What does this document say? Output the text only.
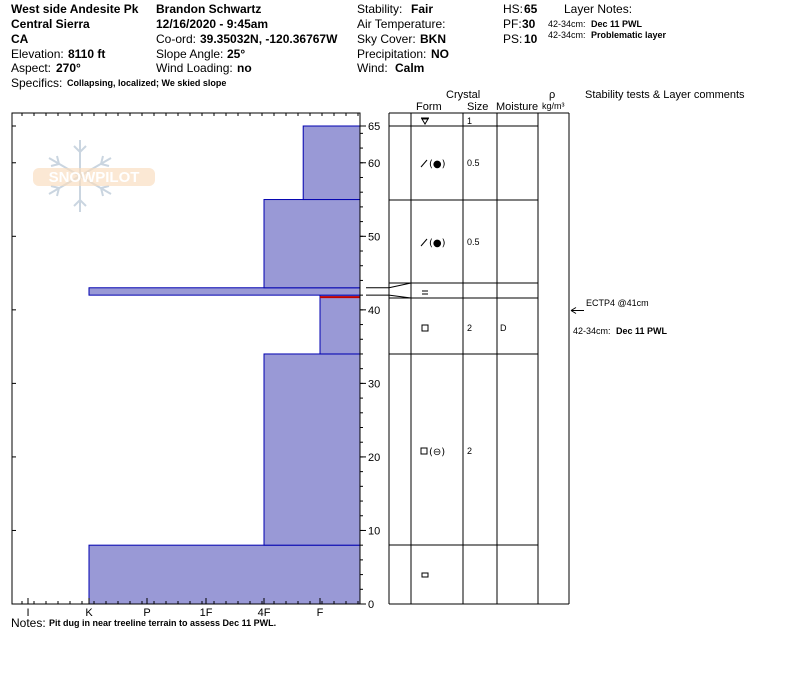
West side Andesite Pk
Central Sierra
CA
Elevation: 8110 ft
Aspect: 270°
Brandon Schwartz
12/16/2020 - 9:45am
Co-ord: 39.35032N, -120.36767W
Slope Angle: 25°
Wind Loading: no
Stability: Fair
Air Temperature:
Sky Cover: BKN
Precipitation: NO
Wind: Calm
HS: 65
PF: 30
PS: 10
Layer Notes:
42-34cm: Dec 11 PWL
42-34cm: Problematic layer
Specifics: Collapsing, localized; We skied slope
Crystal
Form Size Moisture
ρ
kg/m³
Stability tests & Layer comments
SNOWPILOT
0
10
20
30
40
50
60
65
I	K	P	1F	4F	F
1
(●) 0.5
(●) 0.5
2	D
(⊖) 2
ECTP4 @41cm
42-34cm: Dec 11 PWL
Notes: Pit dug in near treeline terrain to assess Dec 11 PWL.
